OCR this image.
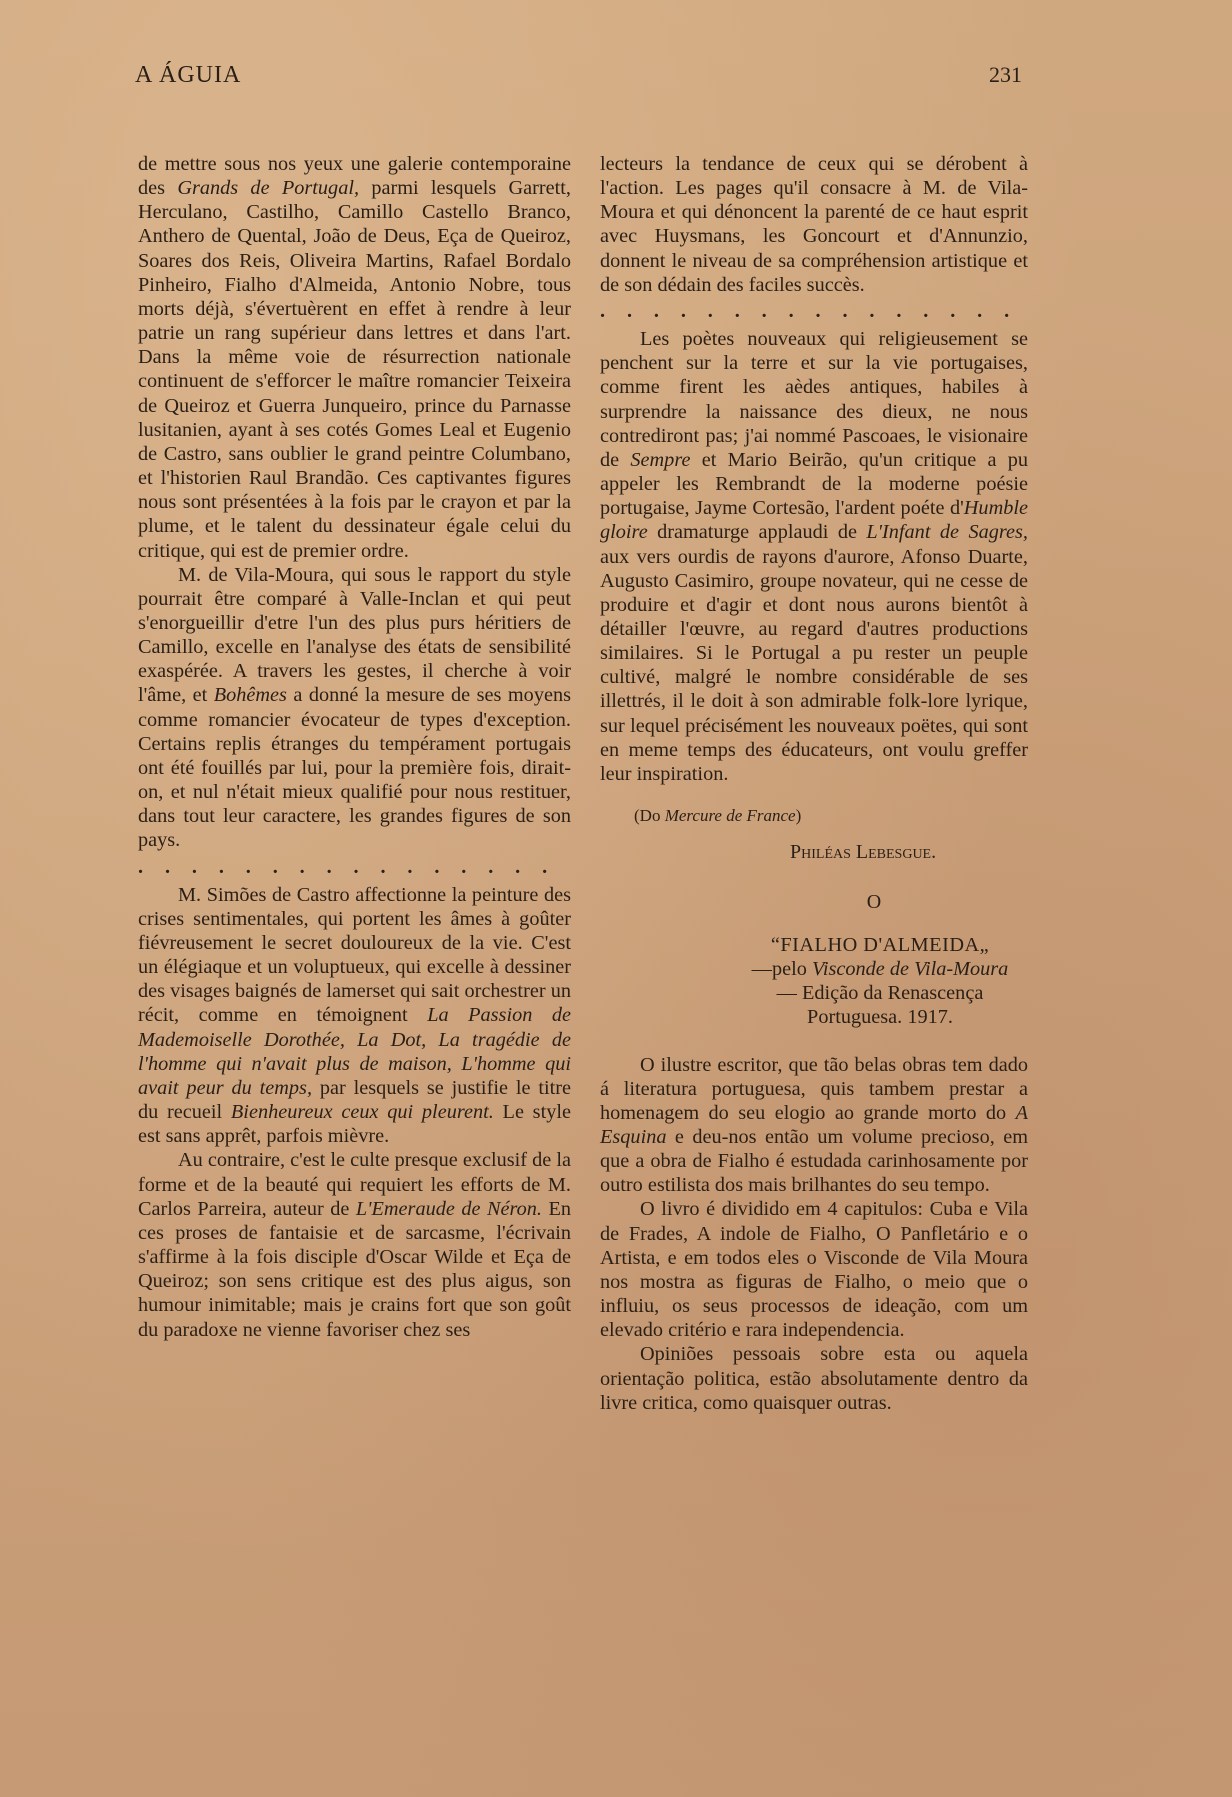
A ÁGUIA	231

de mettre sous nos yeux une galerie contemporaine des Grands de Portugal, parmi lesquels Garrett, Herculano, Castilho, Camillo Castello Branco, Anthero de Quental, João de Deus, Eça de Queiroz, Soares dos Reis, Oliveira Martins, Rafael Bordalo Pinheiro, Fialho d'Almeida, Antonio Nobre, tous morts déjà, s'évertuèrent en effet à rendre à leur patrie un rang supérieur dans lettres et dans l'art. Dans la même voie de résurrection nationale continuent de s'efforcer le maître romancier Teixeira de Queiroz et Guerra Junqueiro, prince du Parnasse lusitanien, ayant à ses cotés Gomes Leal et Eugenio de Castro, sans oublier le grand peintre Columbano, et l'historien Raul Brandão. Ces captivantes figures nous sont présentées à la fois par le crayon et par la plume, et le talent du dessinateur égale celui du critique, qui est de premier ordre.

M. de Vila-Moura, qui sous le rapport du style pourrait être comparé à Valle-Inclan et qui peut s'enorgueillir d'etre l'un des plus purs héritiers de Camillo, excelle en l'analyse des états de sensibilité exaspérée. A travers les gestes, il cherche à voir l'âme, et Bohêmes a donné la mesure de ses moyens comme romancier évocateur de types d'exception. Certains replis étranges du tempérament portugais ont été fouillés par lui, pour la première fois, dirait-on, et nul n'était mieux qualifié pour nous restituer, dans tout leur caractere, les grandes figures de son pays.

. . . . . . . . . . . . . . . .

M. Simões de Castro affectionne la peinture des crises sentimentales, qui portent les âmes à goûter fiévreusement le secret douloureux de la vie. C'est un élégiaque et un voluptueux, qui excelle à dessiner des visages baignés de lamerset qui sait orchestrer un récit, comme en témoignent La Passion de Mademoiselle Dorothée, La Dot, La tragédie de l'homme qui n'avait plus de maison, L'homme qui avait peur du temps, par lesquels se justifie le titre du recueil Bienheureux ceux qui pleurent. Le style est sans apprêt, parfois mièvre.

Au contraire, c'est le culte presque exclusif de la forme et de la beauté qui requiert les efforts de M. Carlos Parreira, auteur de L'Emeraude de Néron. En ces proses de fantaisie et de sarcasme, l'écrivain s'affirme à la fois disciple d'Oscar Wilde et Eça de Queiroz; son sens critique est des plus aigus, son humour inimitable; mais je crains fort que son goût du paradoxe ne vienne favoriser chez ses

lecteurs la tendance de ceux qui se dérobent à l'action. Les pages qu'il consacre à M. de Vila-Moura et qui dénoncent la parenté de ce haut esprit avec Huysmans, les Goncourt et d'Annunzio, donnent le niveau de sa compréhension artistique et de son dédain des faciles succès.

. . . . . . . . . . . . . . . .

Les poètes nouveaux qui religieusement se penchent sur la terre et sur la vie portugaises, comme firent les aèdes antiques, habiles à surprendre la naissance des dieux, ne nous contrediront pas; j'ai nommé Pascoaes, le visionaire de Sempre et Mario Beirão, qu'un critique a pu appeler les Rembrandt de la moderne poésie portugaise, Jayme Cortesão, l'ardent poéte d'Humble gloire dramaturge applaudi de L'Infant de Sagres, aux vers ourdis de rayons d'aurore, Afonso Duarte, Augusto Casimiro, groupe novateur, qui ne cesse de produire et d'agir et dont nous aurons bientôt à détailler l'œuvre, au regard d'autres productions similaires. Si le Portugal a pu rester un peuple cultivé, malgré le nombre considérable de ses illettrés, il le doit à son admirable folk-lore lyrique, sur lequel précisément les nouveaux poëtes, qui sont en meme temps des éducateurs, ont voulu greffer leur inspiration.

(Do Mercure de France)
Philéas Lebesgue.
O
“FIALHO D'ALMEIDA„
—pelo Visconde de Vila-Moura— Edição da Renascença Portuguesa. 1917.

O ilustre escritor, que tão belas obras tem dado á literatura portuguesa, quis tambem prestar a homenagem do seu elogio ao grande morto do A Esquina e deu-nos então um volume precioso, em que a obra de Fialho é estudada carinhosamente por outro estilista dos mais brilhantes do seu tempo.

O livro é dividido em 4 capitulos: Cuba e Vila de Frades, A indole de Fialho, O Panfletário e o Artista, e em todos eles o Visconde de Vila Moura nos mostra as figuras de Fialho, o meio que o influiu, os seus processos de ideação, com um elevado critério e rara independencia.

Opiniões pessoais sobre esta ou aquela orientação politica, estão absolutamente dentro da livre critica, como quaisquer outras.
